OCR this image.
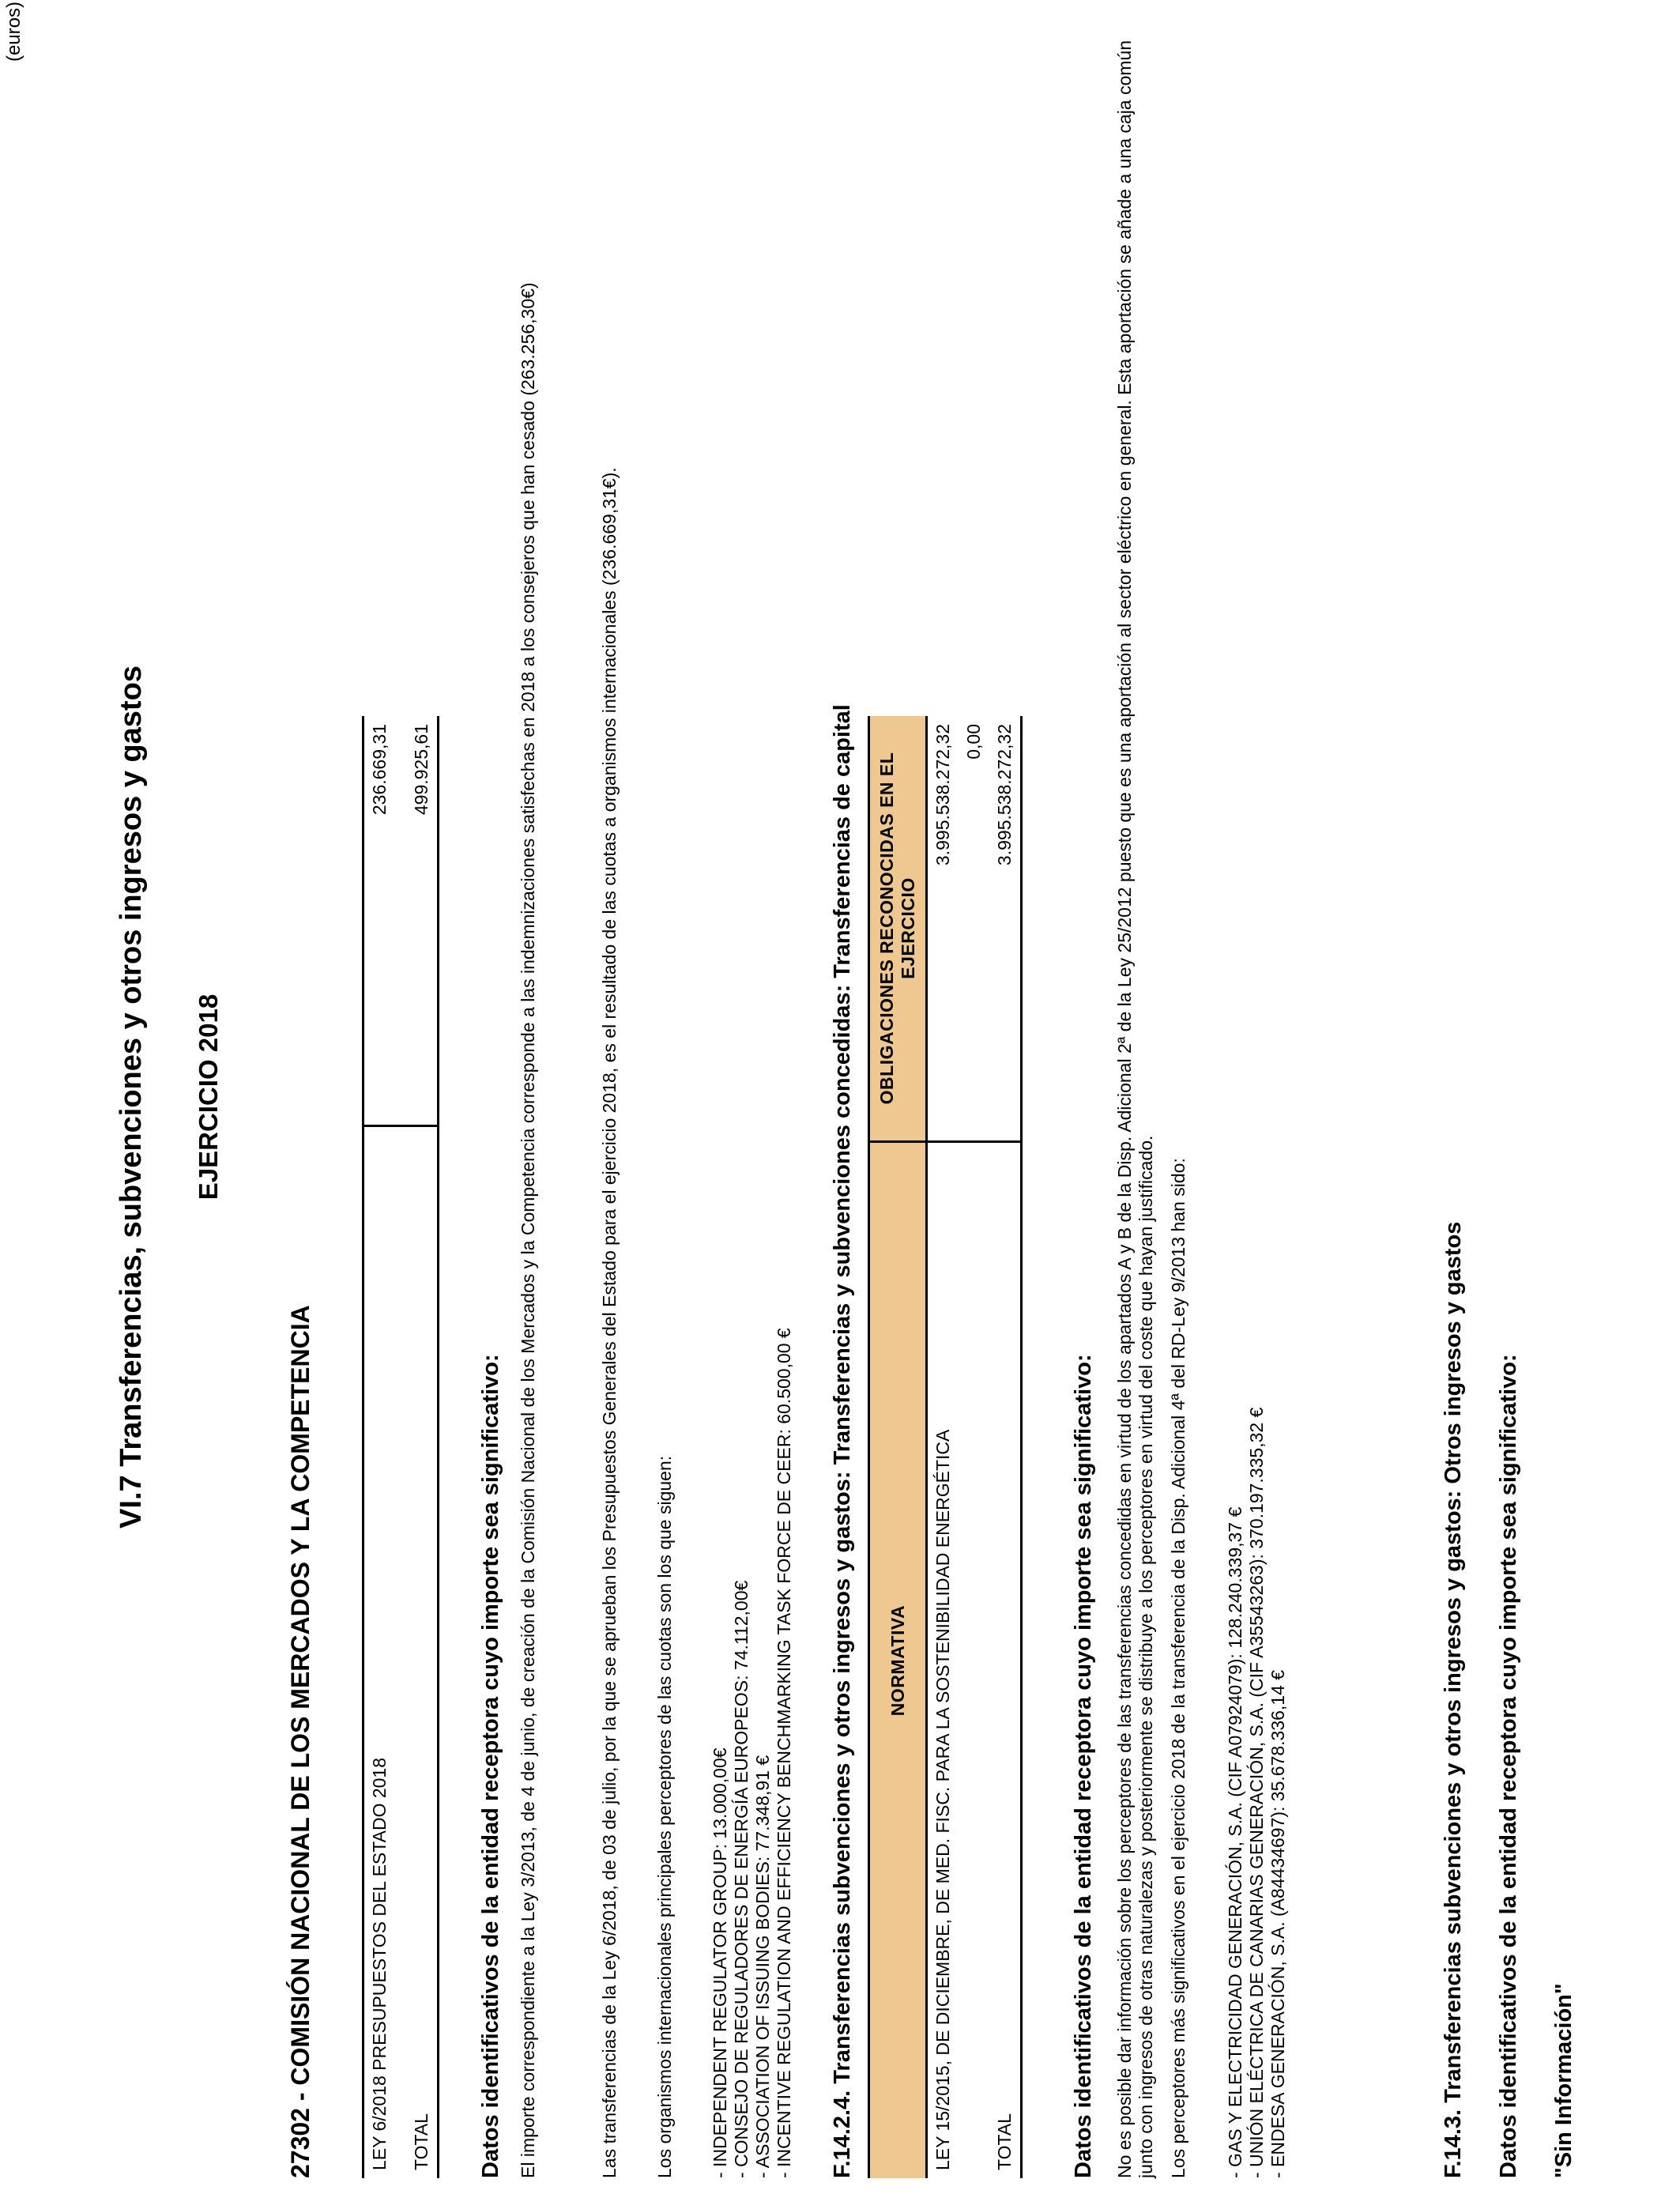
(euros)
VI.7 Transferencias, subvenciones y otros ingresos y gastos EJERCICIO 2018
27302 - COMISIÓN NACIONAL DE LOS MERCADOS Y LA COMPETENCIA	LEY 6/2018 PRESUPUESTOS DEL ESTADO 2018	236.669,31

TOTAL	499.925,61
Datos identificativos de la entidad receptora cuyo importe sea significativo: El importe correspondiente a la Ley 3/2013, de 4 de junio, de creación de la Comisión Nacional de los Mercados y la Competencia corresponde a las indemnizaciones satisfechas en 2018 a los consejeros que han cesado (263.256,30€)	Las transferencias de la Ley 6/2018, de 03 de julio, por la que se aprueban los Presupuestos Generales del Estado para el ejercicio 2018, es el resultado de las cuotas a organismos internacionales (236.669,31€). Los organismos internacionales principales perceptores de las cuotas son los que siguen: - INDEPENDENT REGULATOR GROUP: 13.000,00€ - CONSEJO DE REGULADORES DE ENERGÍA EUROPEOS: 74.112,00€ - ASSOCIATION OF ISSUING BODIES: 77.348,91 € - INCENTIVE REGULATION AND EFFICIENCY BENCHMARKING TASK FORCE DE CEER: 60.500,00 € F.14.2.4. Transferencias subvenciones y otros ingresos y gastos: Transferencias y subvenciones concedidas: Transferencias de capital NORMATIVA	OBLIGACIONES RECONOCIDAS EN EL EJERCICIO
LEY 15/2015, DE DICIEMBRE, DE MED. FISC. PARA LA SOSTENIBILIDAD ENERGÉTICA	3.995.538.272,32
	0,00
TOTAL	3.995.538.272,32
Datos identificativos de la entidad receptora cuyo importe sea significativo: No es posible dar información sobre los perceptores de las transferencias concedidas en virtud de los apartados A y B de la Disp. Adicional 2ª de la Ley 25/2012 puesto que es una aportación al sector eléctrico en general. Esta aportación se añade a una caja común junto con ingresos de otras naturalezas y posteriormente se distribuye a los perceptores en virtud del coste que hayan justificado. Los perceptores más significativos en el ejercicio 2018 de la transferencia de la Disp. Adicional 4ª del RD-Ley 9/2013 han sido: - GAS Y ELECTRICIDAD GENERACIÓN, S.A. (CIF A07924079): 128.240.339,37 € - UNIÓN ELÉCTRICA DE CANARIAS GENERACIÓN, S.A. (CIF A35543263): 370.197.335,32 € - ENDESA GENERACIÓN, S.A. (A84434697): 35.678.336,14 €	F.14.3. Transferencias subvenciones y otros ingresos y gastos: Otros ingresos y gastos Datos identificativos de la entidad receptora cuyo importe sea significativo: "Sin Información"
